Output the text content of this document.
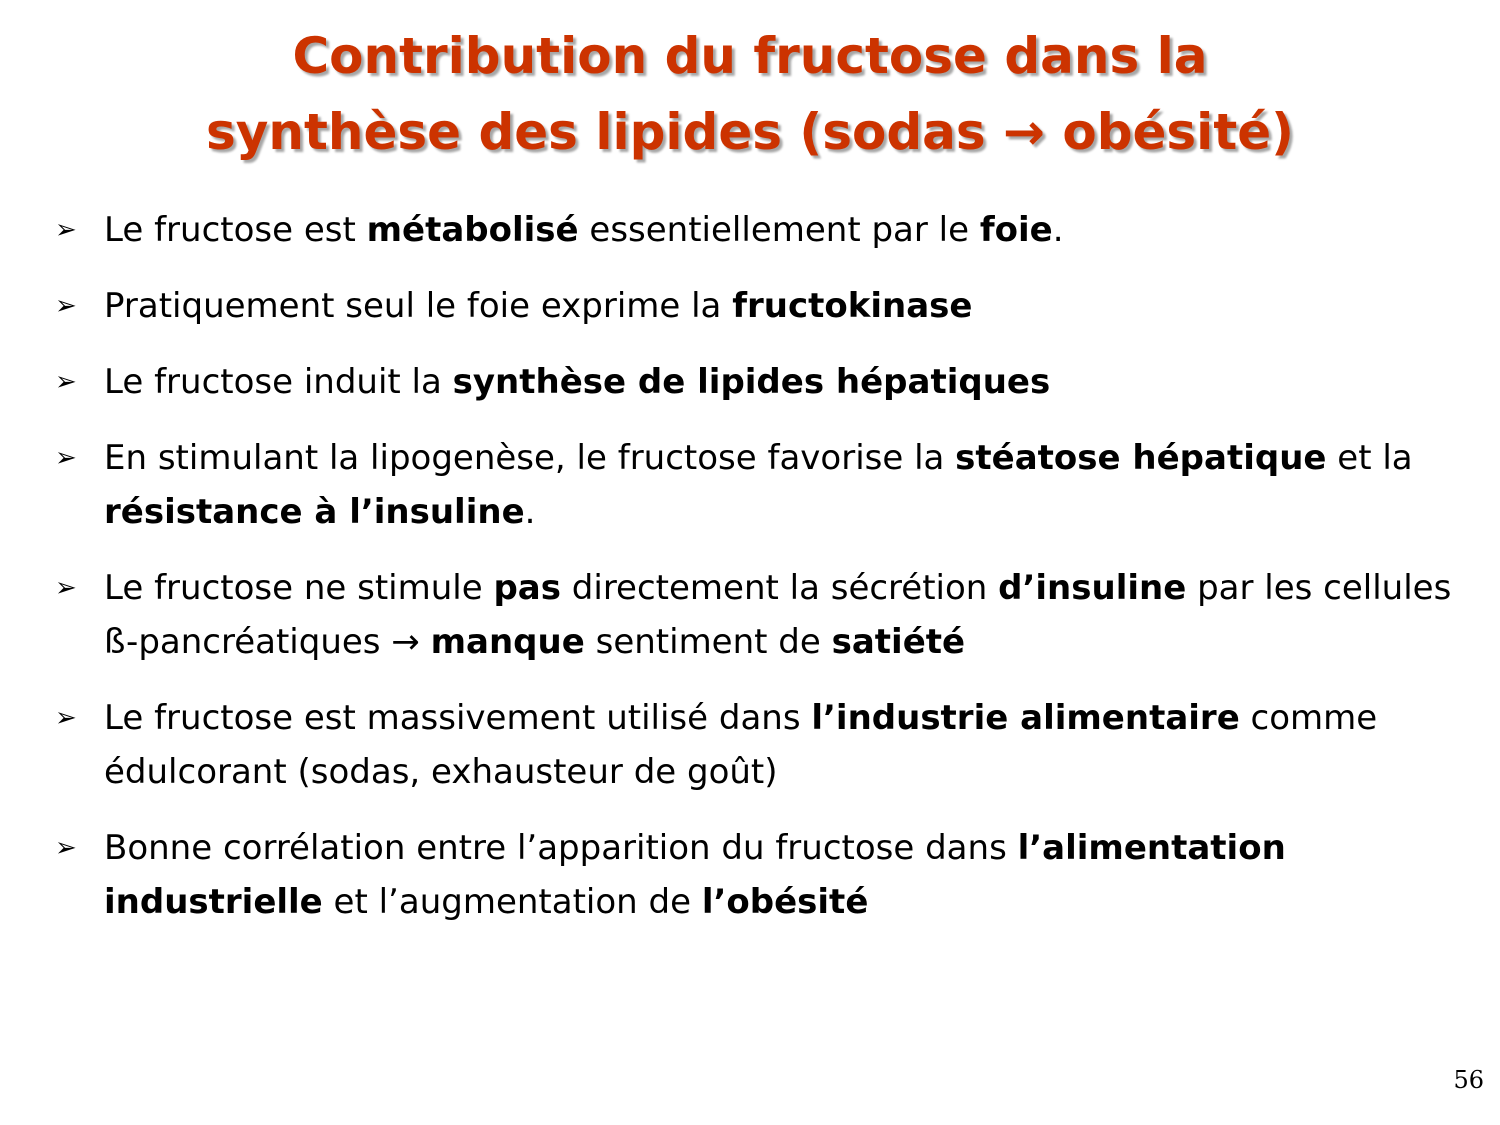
Contribution du fructose dans la
synthèse des lipides (sodas → obésité)
➢ Le fructose est métabolisé essentiellement par le foie.
➢ Pratiquement seul le foie exprime la fructokinase
➢ Le fructose induit la synthèse de lipides hépatiques
➢ En stimulant la lipogenèse, le fructose favorise la stéatose hépatique et la résistance à l’insuline.
➢ Le fructose ne stimule pas directement la sécrétion d’insuline par les cellules ß-pancréatiques → manque sentiment de satiété
➢ Le fructose est massivement utilisé dans l’industrie alimentaire comme édulcorant (sodas, exhausteur de goût)
➢ Bonne corrélation entre l’apparition du fructose dans l’alimentation industrielle et l’augmentation de l’obésité
56
